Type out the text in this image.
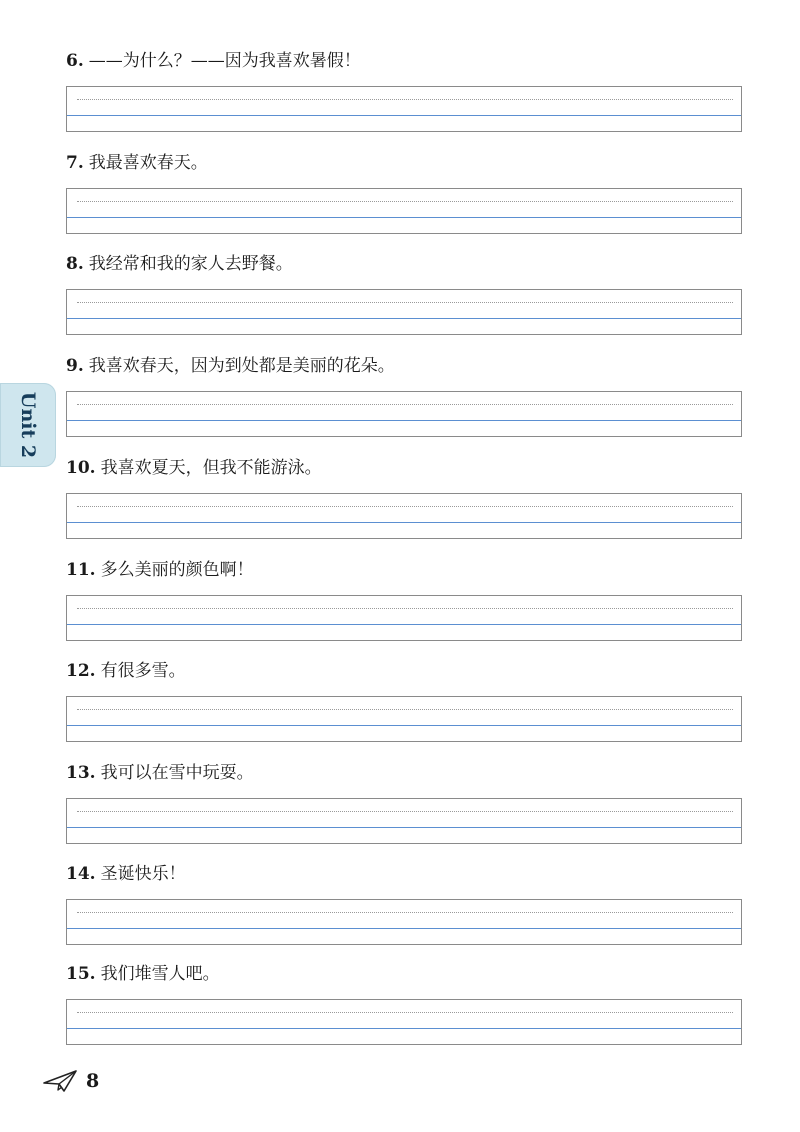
6. ——为什么？——因为我喜欢暑假！
7. 我最喜欢春天。
8. 我经常和我的家人去野餐。
9. 我喜欢春天，因为到处都是美丽的花朵。
10. 我喜欢夏天，但我不能游泳。
11. 多么美丽的颜色啊！
12. 有很多雪。
13. 我可以在雪中玩耍。
14. 圣诞快乐！
15. 我们堆雪人吧。
Unit 2
8
